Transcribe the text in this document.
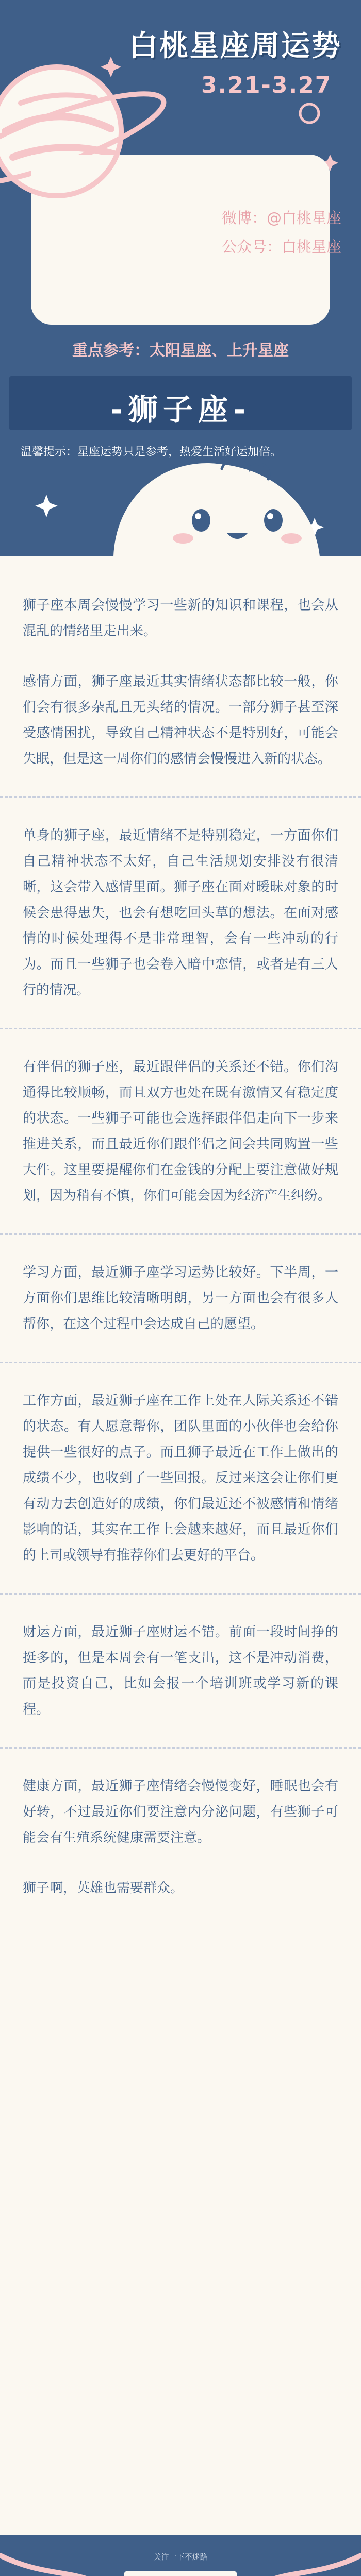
微博：@白桃星座
公众号：白桃星座
白桃星座周运势
3.21-3.27
重点参考：太阳星座、上升星座
-狮子座-
温馨提示：星座运势只是参考，热爱生活好运加倍。

狮子座本周会慢慢学习一些新的知识和课程，也会从混乱的情绪里走出来。

感情方面，狮子座最近其实情绪状态都比较一般，你们会有很多杂乱且无头绪的情况。一部分狮子甚至深受感情困扰，导致自己精神状态不是特别好，可能会失眠，但是这一周你们的感情会慢慢进入新的状态。

单身的狮子座，最近情绪不是特别稳定，一方面你们自己精神状态不太好，自己生活规划安排没有很清晰，这会带入感情里面。狮子座在面对暧昧对象的时候会患得患失，也会有想吃回头草的想法。在面对感情的时候处理得不是非常理智，会有一些冲动的行为。而且一些狮子也会卷入暗中恋情，或者是有三人行的情况。

有伴侣的狮子座，最近跟伴侣的关系还不错。你们沟通得比较顺畅，而且双方也处在既有激情又有稳定度的状态。一些狮子可能也会选择跟伴侣走向下一步来推进关系，而且最近你们跟伴侣之间会共同购置一些大件。这里要提醒你们在金钱的分配上要注意做好规划，因为稍有不慎，你们可能会因为经济产生纠纷。

学习方面，最近狮子座学习运势比较好。下半周，一方面你们思维比较清晰明朗，另一方面也会有很多人帮你，在这个过程中会达成自己的愿望。

工作方面，最近狮子座在工作上处在人际关系还不错的状态。有人愿意帮你，团队里面的小伙伴也会给你提供一些很好的点子。而且狮子最近在工作上做出的成绩不少，也收到了一些回报。反过来这会让你们更有动力去创造好的成绩，你们最近还不被感情和情绪影响的话，其实在工作上会越来越好，而且最近你们的上司或领导有推荐你们去更好的平台。

财运方面，最近狮子座财运不错。前面一段时间挣的挺多的，但是本周会有一笔支出，这不是冲动消费，而是投资自己，比如会报一个培训班或学习新的课程。

健康方面，最近狮子座情绪会慢慢变好，睡眠也会有好转，不过最近你们要注意内分泌问题，有些狮子可能会有生殖系统健康需要注意。

狮子啊，英雄也需要群众。

关注一下不迷路
